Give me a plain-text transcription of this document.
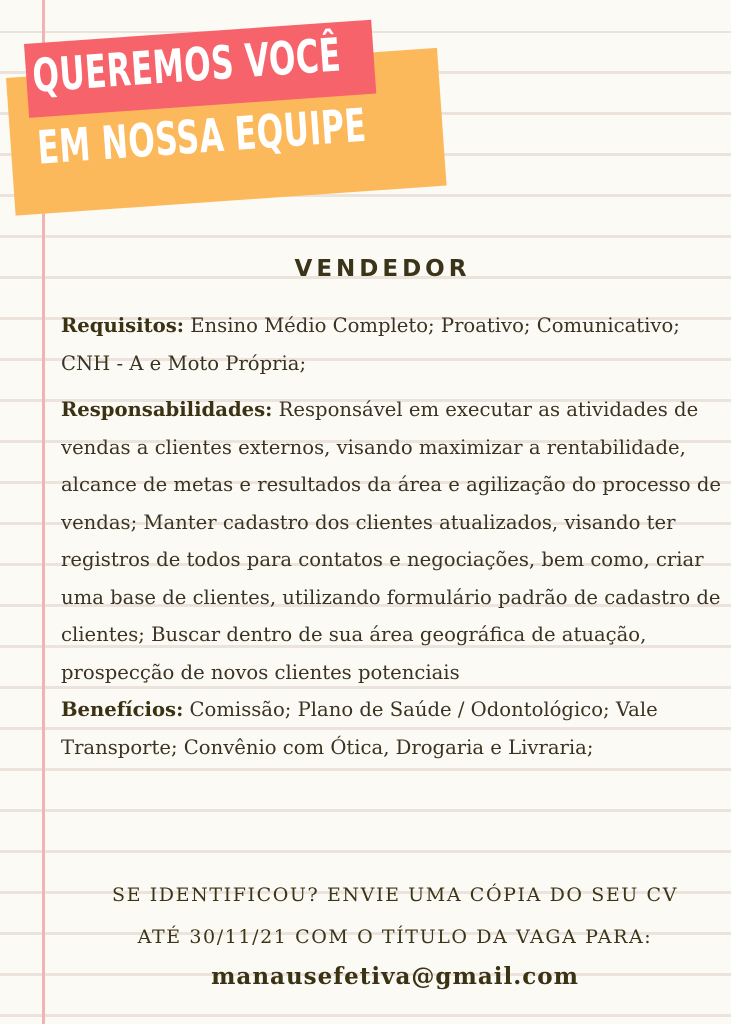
QUEREMOS VOCÊ
EM NOSSA EQUIPE
VENDEDOR

Requisitos: Ensino Médio Completo; Proativo; Comunicativo; CNH - A e Moto Própria;

Responsabilidades: Responsável em executar as atividades de vendas a clientes externos, visando maximizar a rentabilidade, alcance de metas e resultados da área e agilização do processo de vendas; Manter cadastro dos clientes atualizados, visando ter registros de todos para contatos e negociações, bem como, criar uma base de clientes, utilizando formulário padrão de cadastro de clientes; Buscar dentro de sua área geográfica de atuação, prospecção de novos clientes potenciais

Benefícios: Comissão; Plano de Saúde / Odontológico; Vale Transporte; Convênio com Ótica, Drogaria e Livraria;

SE IDENTIFICOU? ENVIE UMA CÓPIA DO SEU CV
ATÉ 30/11/21 COM O TÍTULO DA VAGA PARA:
manausefetiva@gmail.com
